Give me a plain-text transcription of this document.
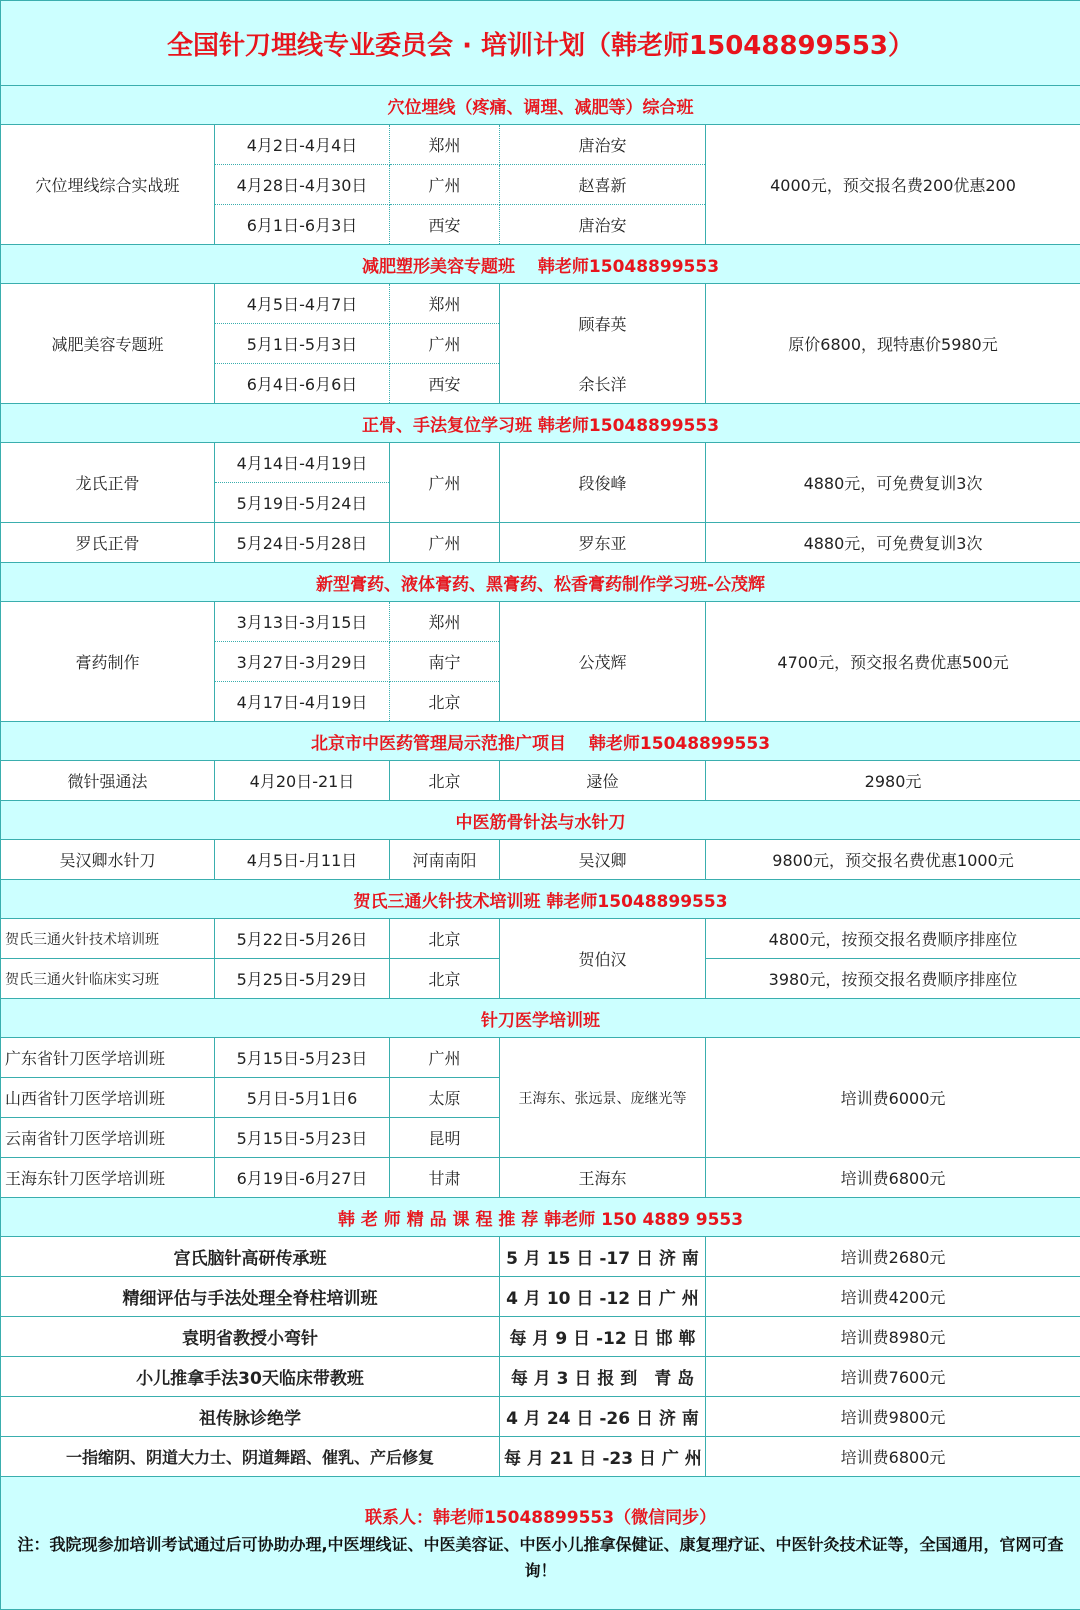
全国针刀埋线专业委员会 · 培训计划（韩老师15048899553）				
穴位埋线（疼痛、调理、减肥等）综合班				
穴位埋线综合实战班	4月2日-4月4日	郑州	唐治安	4000元，预交报名费200优惠200
	4月28日-4月30日	广州	赵喜新	
	6月1日-6月3日	西安	唐治安	
减肥塑形美容专题班　 韩老师15048899553				
减肥美容专题班	4月5日-4月7日	郑州	顾春英	原价6800，现特惠价5980元
	5月1日-5月3日	广州		
	6月4日-6月6日	西安	余长洋	
正骨、手法复位学习班 韩老师15048899553				
龙氏正骨	4月14日-4月19日	广州	段俊峰	4880元，可免费复训3次
	5月19日-5月24日			
罗氏正骨	5月24日-5月28日	广州	罗东亚	4880元，可免费复训3次
新型膏药、液体膏药、黑膏药、松香膏药制作学习班-公茂辉				
膏药制作	3月13日-3月15日	郑州	公茂辉	4700元，预交报名费优惠500元
	3月27日-3月29日	南宁		
	4月17日-4月19日	北京		
北京市中医药管理局示范推广项目　 韩老师15048899553				
微针强通法	4月20日-21日	北京	逯俭	2980元
中医筋骨针法与水针刀				
吴汉卿水针刀	4月5日-月11日	河南南阳	吴汉卿	9800元，预交报名费优惠1000元
贺氏三通火针技术培训班 韩老师15048899553				
贺氏三通火针技术培训班	5月22日-5月26日	北京	贺伯汉	4800元，按预交报名费顺序排座位
贺氏三通火针临床实习班	5月25日-5月29日	北京		3980元，按预交报名费顺序排座位
针刀医学培训班				
广东省针刀医学培训班	5月15日-5月23日	广州	王海东、张远景、庞继光等	培训费6000元
山西省针刀医学培训班	5月日-5月1日6	太原		
云南省针刀医学培训班	5月15日-5月23日	昆明		
王海东针刀医学培训班	6月19日-6月27日	甘肃	王海东	培训费6800元
韩 老 师 精 品 课 程 推 荐 韩老师 150 4889 9553				
宫氏脑针高研传承班			5 月 15 日 -17 日 济 南	培训费2680元
精细评估与手法处理全脊柱培训班			4 月 10 日 -12 日 广 州	培训费4200元
袁明省教授小弯针			每 月 9 日 -12 日 邯 郸	培训费8980元
小儿推拿手法30天临床带教班			每 月 3 日 报 到　青 岛	培训费7600元
祖传脉诊绝学			4 月 24 日 -26 日 济 南	培训费9800元
一指缩阴、阴道大力士、阴道舞蹈、催乳、产后修复			每 月 21 日 -23 日 广 州	培训费6800元

联系人：韩老师15048899553（微信同步）
注：我院现参加培训考试通过后可协助办理,中医埋线证、中医美容证、中医小儿推拿保健证、康复理疗证、中医针灸技术证等，全国通用，官网可查询！				
